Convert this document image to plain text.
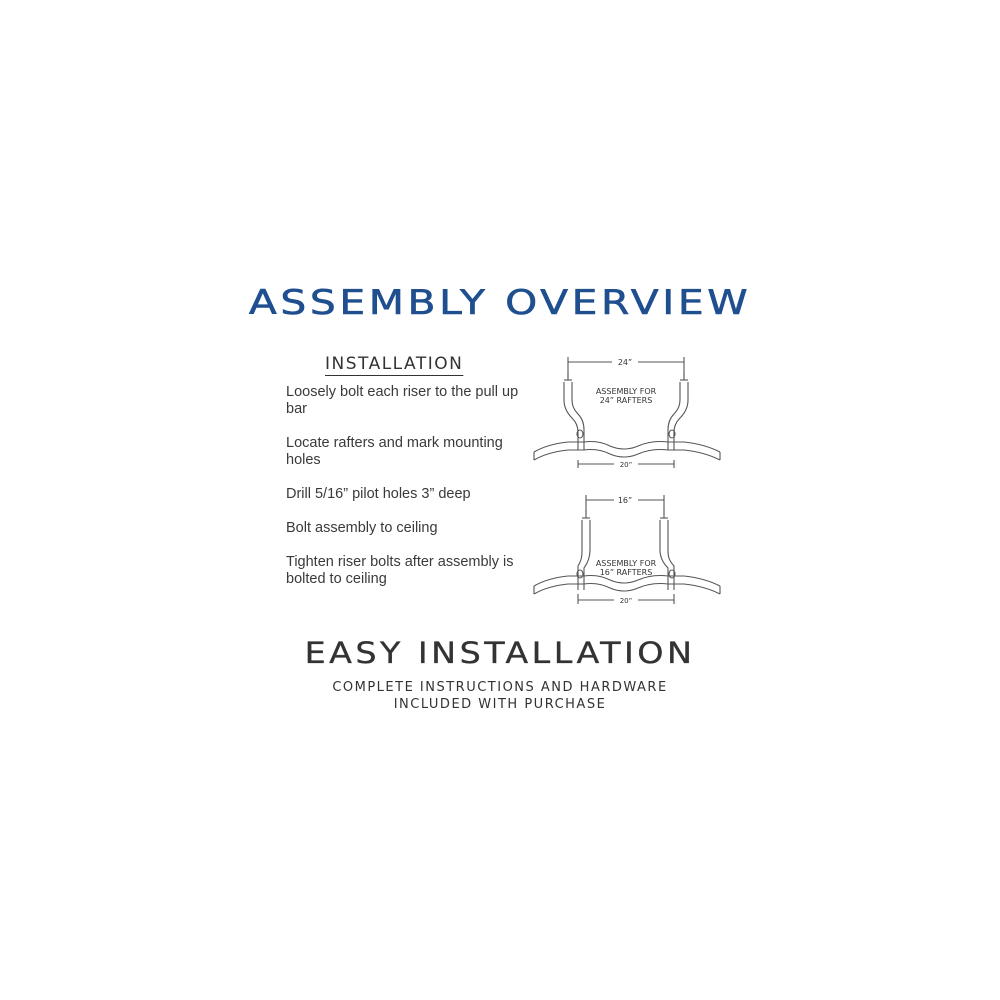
ASSEMBLY OVERVIEW
INSTALLATION
Loosely bolt each riser to the pull up bar
Locate rafters and mark mounting holes
Drill 5/16” pilot holes 3” deep
Bolt assembly to ceiling
Tighten riser bolts after assembly is bolted to ceiling
24”
20”
ASSEMBLY FOR
24” RAFTERS
16”
20”
ASSEMBLY FOR
16” RAFTERS
EASY INSTALLATION
COMPLETE INSTRUCTIONS AND HARDWARE
INCLUDED WITH PURCHASE
